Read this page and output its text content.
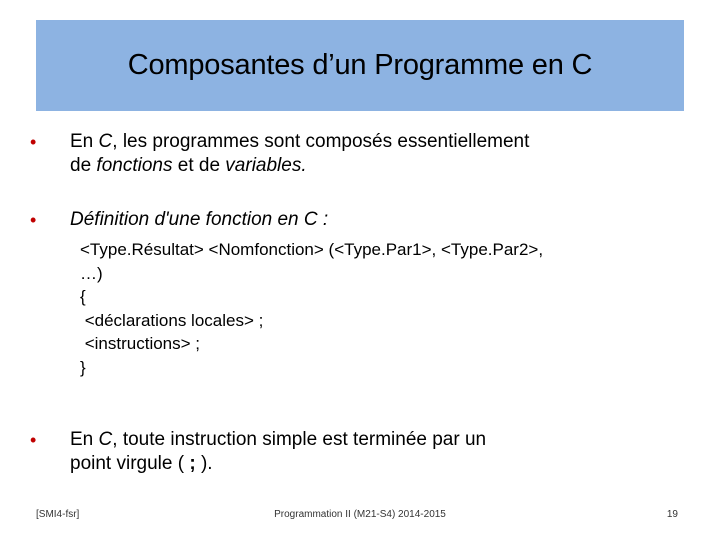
Composantes d’un Programme en C
• En C, les programmes sont composés essentiellement
de fonctions et de variables.
• Définition d'une fonction en C :
<Type.Résultat> <Nomfonction> (<Type.Par1>, <Type.Par2>,
…)
{
<déclarations locales> ;
<instructions> ;
}
• En C, toute instruction simple est terminée par un
point virgule ( ; ).
[SMI4-fsr]	Programmation II (M21-S4) 2014-2015	19
